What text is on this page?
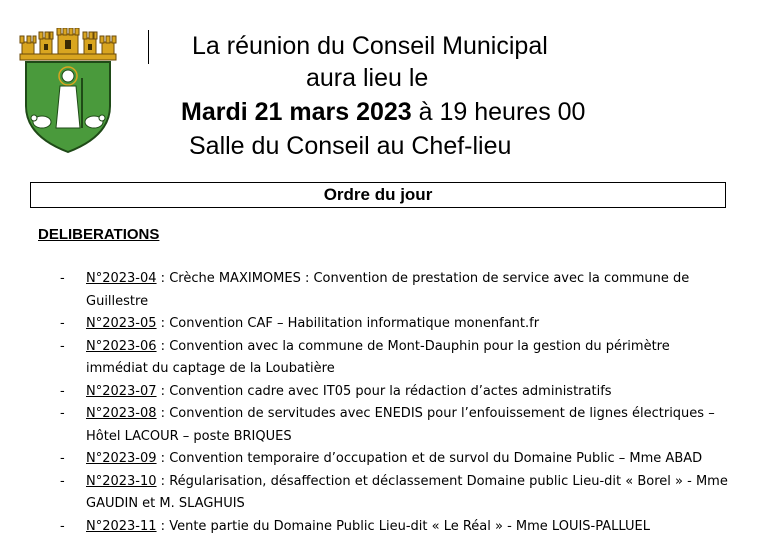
La réunion du Conseil Municipal
aura lieu le
Mardi 21 mars 2023 à 19 heures 00
Salle du Conseil au Chef-lieu
Ordre du jour
DELIBERATIONS
- N°2023-04 : Crèche MAXIMOMES : Convention de prestation de service avec la commune de Guillestre
- N°2023-05 : Convention CAF – Habilitation informatique monenfant.fr
- N°2023-06 : Convention avec la commune de Mont-Dauphin pour la gestion du périmètre immédiat du captage de la Loubatière
- N°2023-07 : Convention cadre avec IT05 pour la rédaction d’actes administratifs
- N°2023-08 : Convention de servitudes avec ENEDIS pour l’enfouissement de lignes électriques – Hôtel LACOUR – poste BRIQUES
- N°2023-09 : Convention temporaire d’occupation et de survol du Domaine Public – Mme ABAD
- N°2023-10 : Régularisation, désaffection et déclassement Domaine public Lieu-dit « Borel » - Mme GAUDIN et M. SLAGHUIS
- N°2023-11 : Vente partie du Domaine Public Lieu-dit « Le Réal » - Mme LOUIS-PALLUEL
